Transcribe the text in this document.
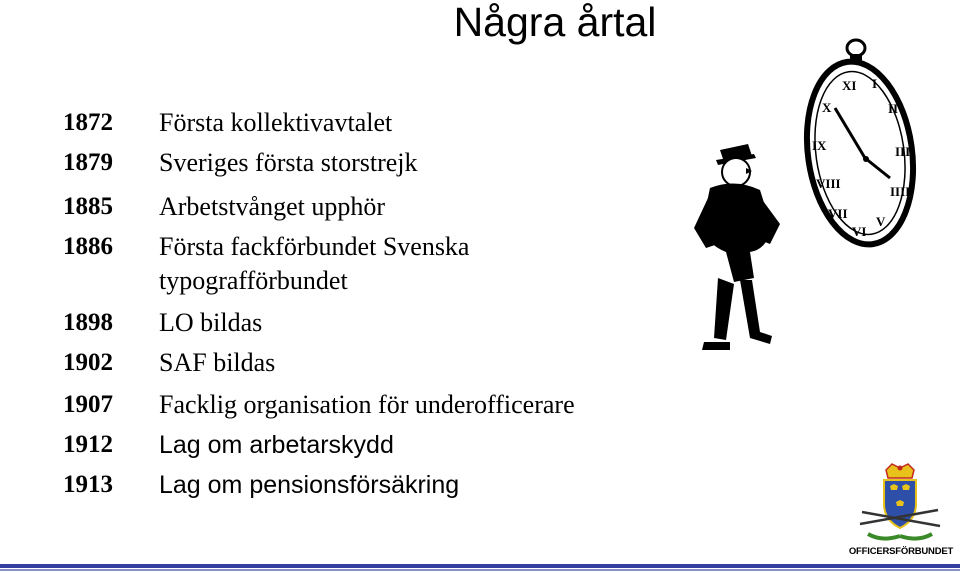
Några årtal
1872	Första kollektivavtalet
1879	Sveriges första storstrejk
1885	Arbetstvånget upphör
1886	Första fackförbundet Svenska
typografförbundet
1898	LO bildas
1902	SAF bildas
1907	Facklig organisation för underofficerare
1912	Lag om arbetarskydd
1913	Lag om pensionsförsäkring
XI I
II
III
IIII
V
VI
VII
VIII
IX
X
OFFICERSFÖRBUNDET
